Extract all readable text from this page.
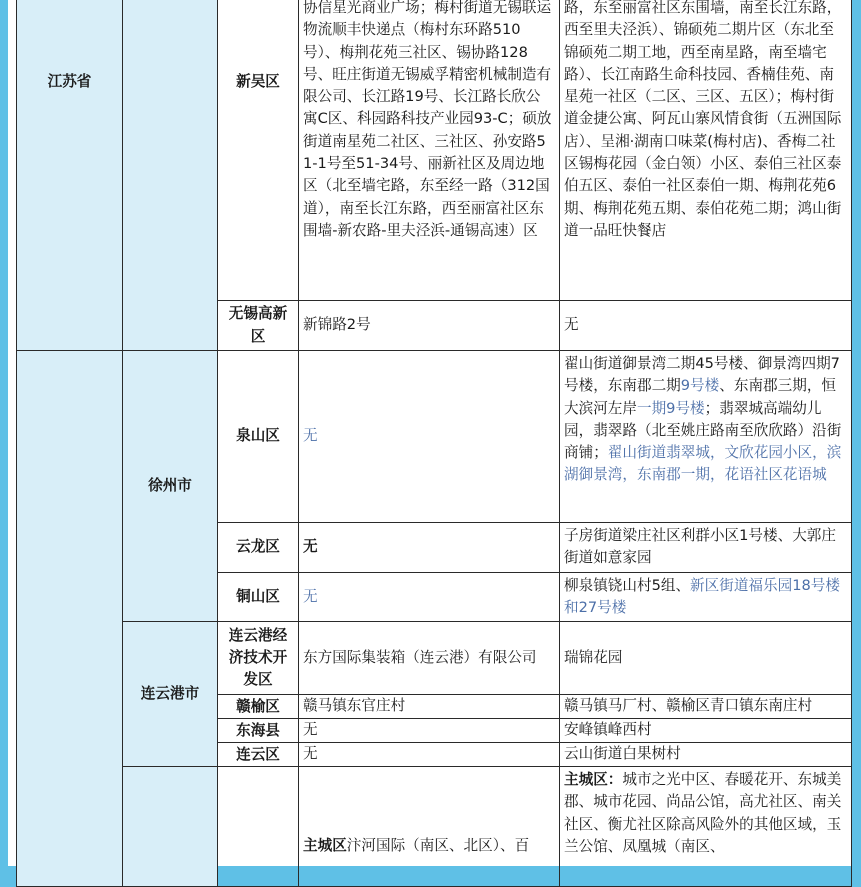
江苏省		新吴区	协信星光商业广场；梅村街道无锡联运物流顺丰快递点（梅村东环路510号）、梅荆花苑三社区、锡协路128号、旺庄街道无锡威孚精密机械制造有限公司、长江路19号、长江路长欣公寓C区、科园路科技产业园93-C；硕放街道南星苑二社区、三社区、孙安路51-1号至51-34号、丽新社区及周边地区（北至墙宅路，东至经一路（312国道），南至长江东路，西至丽富社区东围墙-新农路-里夫泾浜-通锡高速）区	路，东至丽富社区东围墙，南至长江东路，西至里夫泾浜）、锦硕苑二期片区（东北至锦硕苑二期工地，西至南星路，南至墙宅路）、长江南路生命科技园、香楠佳苑、南星苑一社区（二区、三区、五区）；梅村街道金捷公寓、阿瓦山寨风情食街（五洲国际店）、呈湘·湖南口味菜(梅村店)、香梅二社区锡梅花园（金白领）小区、泰伯三社区泰伯五区、泰伯一社区泰伯一期、梅荆花苑6期、梅荆花苑五期、泰伯花苑二期；鸿山街道一品旺快餐店
		无锡高新区	新锦路2号	无
	徐州市	泉山区	无	翟山街道御景湾二期45号楼、御景湾四期7号楼，东南郡二期9号楼、东南郡三期，恒大滨河左岸一期9号楼；翡翠城高端幼儿园，翡翠路（北至姚庄路南至欣欣路）沿街商铺；翟山街道翡翠城，文欣花园小区，滨湖御景湾，东南郡一期，花语社区花语城
		云龙区	无	子房街道梁庄社区利群小区1号楼、大郭庄街道如意家园
		铜山区	无	柳泉镇铙山村5组、新区街道福乐园18号楼和27号楼
	连云港市	连云港经济技术开发区	东方国际集装箱（连云港）有限公司	瑞锦花园
		赣榆区	赣马镇东官庄村	赣马镇马厂村、赣榆区青口镇东南庄村
		东海县	无	安峰镇峰西村
		连云区	无	云山街道白果树村
			主城区汴河国际（南区、北区）、百	主城区：城市之光中区、春暖花开、东城美郡、城市花园、尚品公馆，高尤社区、南关社区、衡尤社区除高风险外的其他区域，玉兰公馆、凤凰城（南区、
